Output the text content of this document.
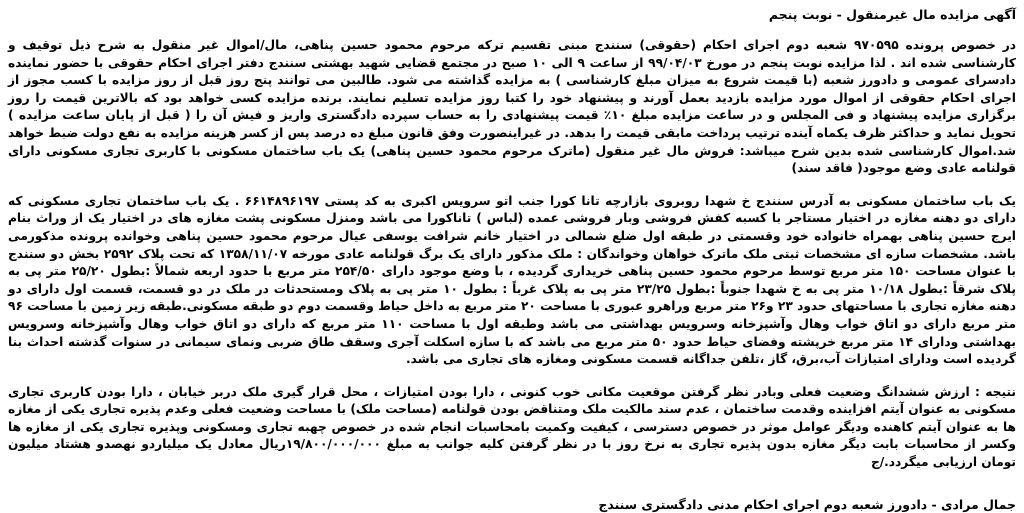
آگهی مزایده مال غیرمنقول - نوبت پنجم

در خصوص پرونده ۹۷۰۵۹۵ شعبه دوم اجرای احکام (حقوقی) سنندج مبنی تقسیم ترکه مرحوم محمود حسین پناهی، مال/اموال غیر منقول به شرح ذیل توقیف و کارشناسی شده اند . لذا مزایده نوبت پنجم در مورخ ۹۹/۰۴/۰۳ از ساعت ۹ الی ۱۰ صبح در مجتمع قضایی شهید بهشتی سنندج دفتر اجرای احکام حقوقی با حضور نماینده دادسرای عمومی و دادورز شعبه (با قیمت شروع به میزان مبلغ کارشناسی ) به مزایده گذاشته می شود. طالبین می توانند پنج روز قبل از روز مزایده با کسب مجوز از اجرای احکام حقوقی از اموال مورد مزایده بازدید بعمل آورند و پیشنهاد خود را کتبا روز مزایده تسلیم نمایند. برنده مزایده کسی خواهد بود که بالاترین قیمت را روز برگزاری مزایده پیشنهاد و فی المجلس و در ساعت مزایده مبلغ ۱۰٪ قیمت پیشنهادی را به حساب سپرده دادگستری واریز و فیش آن را ( قبل از پایان ساعت مزایده ) تحویل نماید و حداکثر ظرف یکماه آینده ترتیب پرداخت مابقی قیمت را بدهد. در غیراینصورت وفق قانون مبلغ ده درصد پس از کسر هزینه مزایده به نفع دولت ضبط خواهد شد.اموال کارشناسی شده بدین شرح میباشد: فروش مال غیر منقول (ماترک مرحوم محمود حسین پناهی) یک باب ساختمان مسکونی با کاربری تجاری مسکونی دارای قولنامه عادی وضع موجود( فاقد سند)

یک باب ساختمان مسکونی به آدرس سنندج خ شهدا روبروی بازارچه تانا کورا جنب اتو سرویس اکبری به کد پستی ۶۶۱۴۸۹۶۱۹۷ . یک باب ساختمان تجاری مسکونی که دارای دو دهنه مغازه در اختیار مستاجر با کسبه کفش فروشی وبار فروشی عمده (لباس ) تاناکورا می باشد ومنزل مسکونی پشت مغازه های در اختیار یک از وراث بنام ایرج حسین پناهی بهمراه خانواده خود وقسمتی در طبقه اول ضلع شمالی در اختیار خانم شرافت یوسفی عیال مرحوم محمود حسین پناهی وخوانده پرونده مذکورمی باشد. مشخصات سازه ای مشخصات ثبتی ملک ماترک خواهان وخواندگان : ملک مذکور دارای یک برگ قولنامه عادی مورخه ۱۳۵۸/۱۱/۰۷ که تحت پلاک ۲۵۹۲ بخش دو سنندج با عنوان مساحت ۱۵۰ متر مربع توسط مرحوم محمود حسین پناهی خریداری گردیده ، با وضع موجود دارای ۲۵۴/۵۰ متر مربع با حدود اربعه شمالاً :بطول ۲۵/۲۰ متر پی به پلاک شرقاً :بطول ۱۰/۱۸ متر پی به خ شهدا جنوباً :بطول ۲۳/۲۵ متر پی به پلاک غرباً : بطول ۱۰ متر پی به پلاک ومستحدثات در ملک در دو قسمت، قسمت اول دارای دو دهنه مغازه تجاری با مساحتهای حدود ۲۳ و۲۶ متر مربع وراهرو عبوری با مساحت ۲۰ متر مربع به داخل حیاط وقسمت دوم دو طبقه مسکونی.طبقه زیر زمین با مساحت ۹۶ متر مربع دارای دو اتاق خواب وهال وآشپزخانه وسرویس بهداشتی می باشد وطبقه اول با مساحت ۱۱۰ متر مربع که دارای دو اتاق خواب وهال وآشپزخانه وسرویس بهداشتی ودارای ۱۴ متر مربع خرپشته وفضای حیاط حدود ۵۰ متر مربع می باشد که با سازه اسکلت آجری وسقف طاق ضربی ونمای سیمانی در سنوات گذشته احداث بنا گردیده است ودارای امتیازات آب،برق، گاز ،تلفن جداگانه قسمت مسکونی ومغازه های تجاری می باشد.

نتیجه : ارزش ششدانگ وضعیت فعلی وبادر نظر گرفتن موقعیت مکانی خوب کنونی ، دارا بودن امتیازات ، محل قرار گیری ملک دربر خیابان ، دارا بودن کاربری تجاری مسکونی به عنوان آیتم افزاینده وقدمت ساختمان ، عدم سند مالکیت ملک ومتناقض بودن قولنامه (مساحت ملک) با مساحت وضعیت فعلی وعدم پذیره تجاری یکی از مغازه ها به عنوان آیتم کاهنده ودیگر عوامل موثر در خصوص دسترسی ، کیفیت وکمیت بامحاسبات انجام شده در خصوص چهبه تجاری ومسکونی وپذیره تجاری یکی از مغازه ها وکسر از محاسبات بابت دیگر مغازه بدون پذیره تجاری به نرخ روز با در نظر گرفتن کلیه جوانب به مبلغ ۱۹/۸۰۰/۰۰۰/۰۰۰ریال معادل یک میلیاردو نهصدو هشتاد میلیون تومان ارزیابی میگردد./ج

جمال مرادی - دادورز شعبه دوم اجرای احکام مدنی دادگستری سنندج
